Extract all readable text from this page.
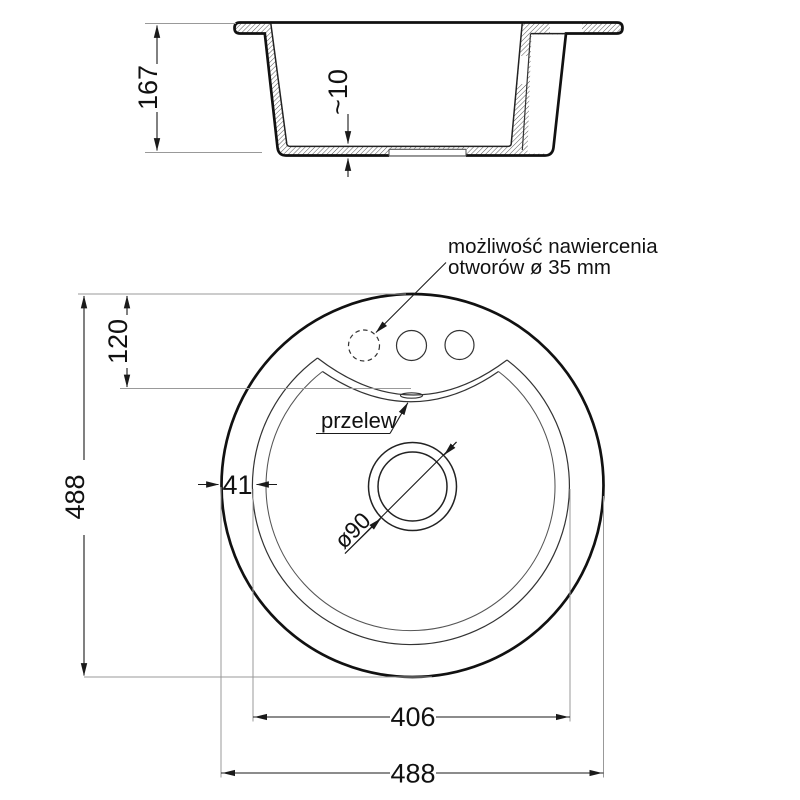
167	~10
ø90
przelew
możliwość nawiercenia
otworów ø 35 mm
488
120
41
406
488
